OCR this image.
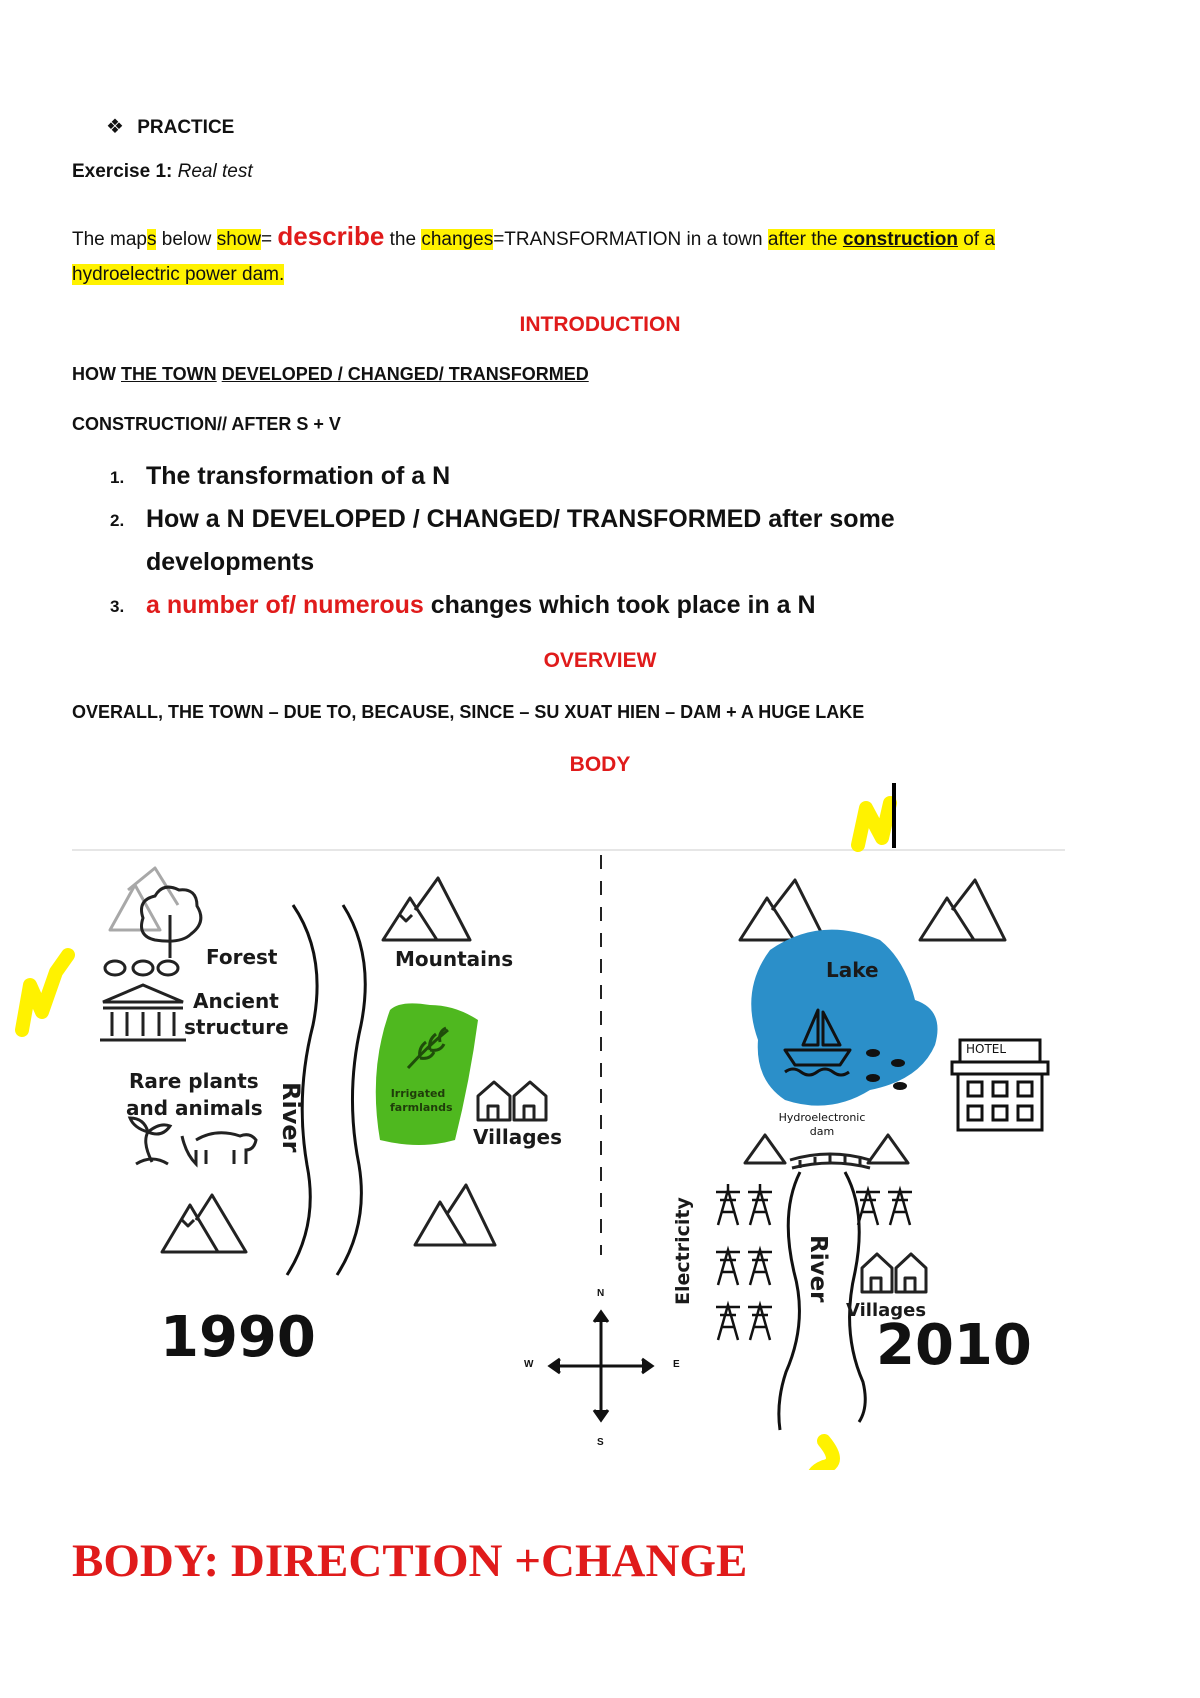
❖ PRACTICE
Exercise 1: Real test
The maps below show= describe the changes=TRANSFORMATION in a town after the construction of a
hydroelectric power dam.
INTRODUCTION
HOW THE TOWN DEVELOPED / CHANGED/ TRANSFORMED
CONSTRUCTION// AFTER S + V
1. The transformation of a N
2. How a N DEVELOPED / CHANGED/ TRANSFORMED after some
developments
3. a number of/ numerous changes which took place in a N
OVERVIEW
OVERALL, THE TOWN – DUE TO, BECAUSE, SINCE – SU XUAT HIEN – DAM + A HUGE LAKE
BODY
Forest
Ancient
structure
Rare plants
and animals River
Mountains
Irrigated
farmlands
Villages
1990
Lake
HOTEL
Hydroelectronic
dam
Electricity	River
Villages
2010
N
S
E
W
BODY: DIRECTION +CHANGE
